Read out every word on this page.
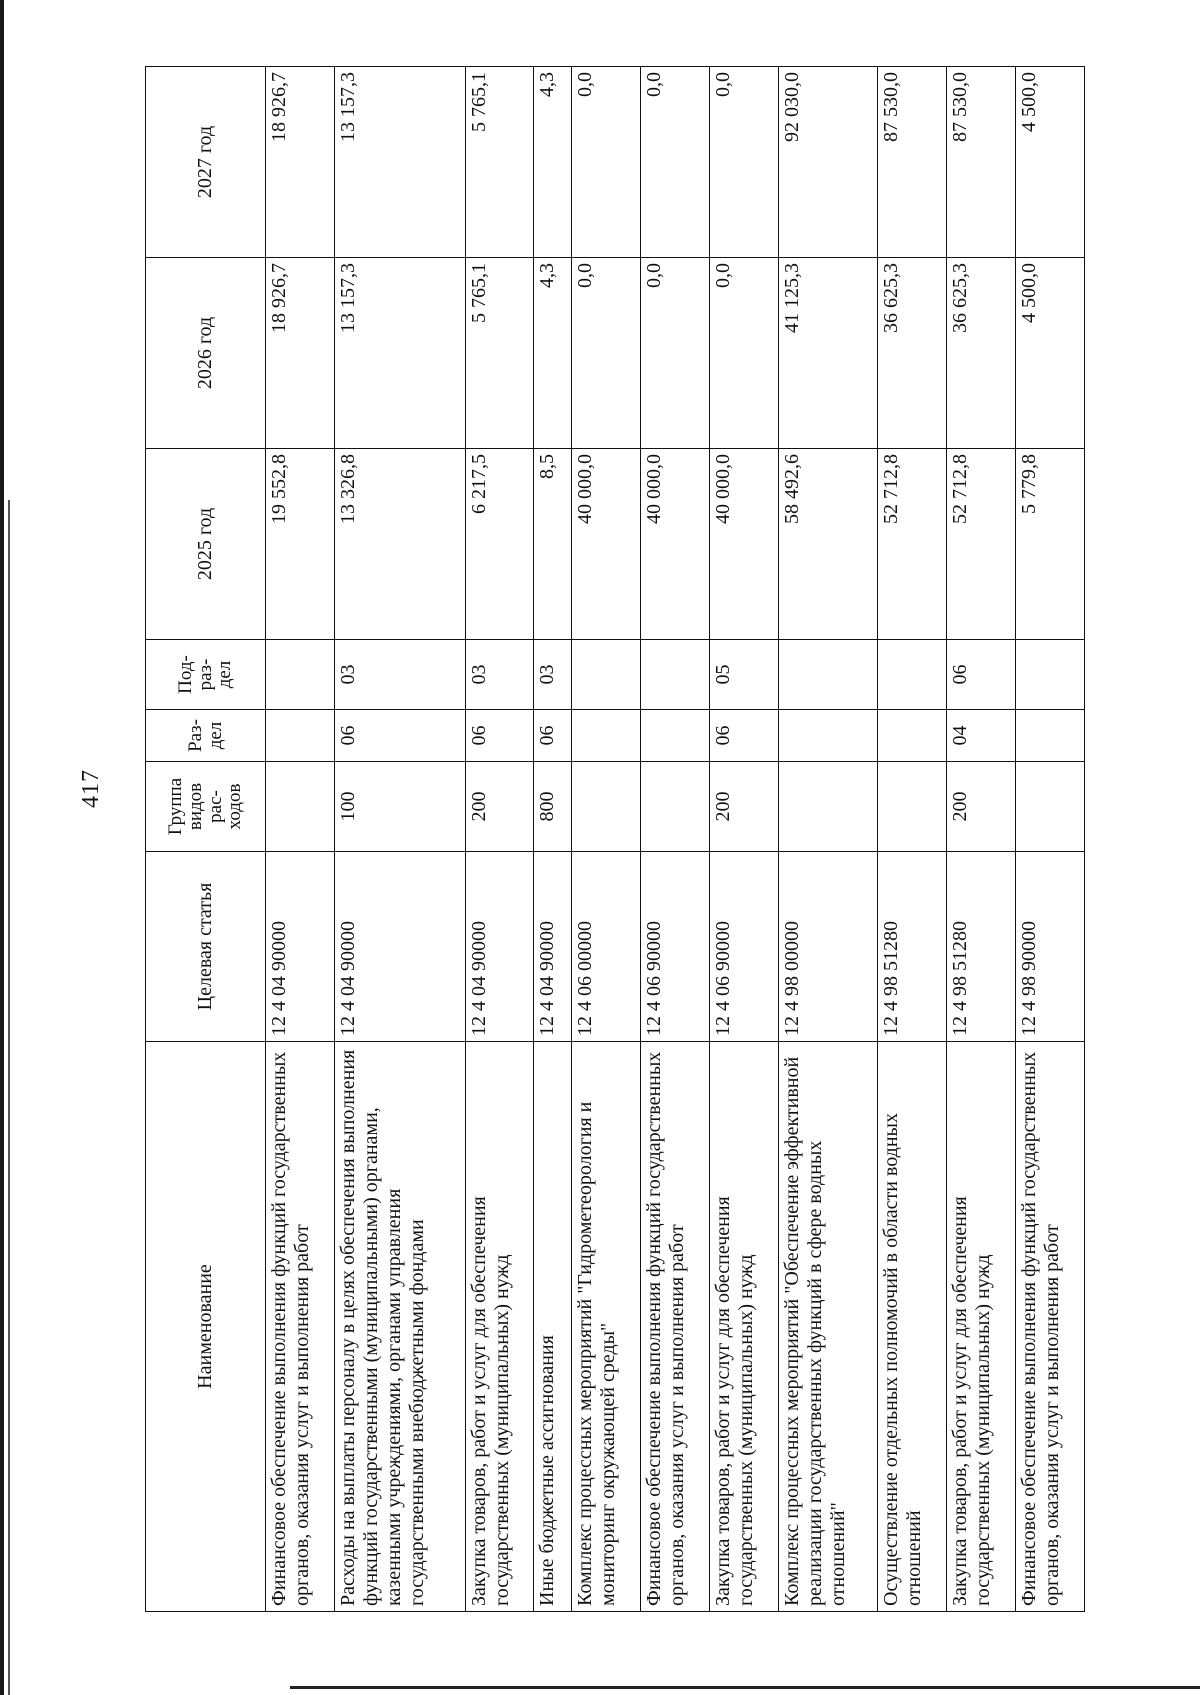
417
Наименование	Целевая статья	Группа видов рас- ходов	Раз- дел	Под- раз- дел	2025 год	2026 год	2027 год
Финансовое обеспечение выполнения функций государственных органов, оказания услуг и выполнения работ	12 4 04 90000				19 552,8	18 926,7	18 926,7
Расходы на выплаты персоналу в целях обеспечения выполнения функций государственными (муниципальными) органами, казенными учреждениями, органами управления государственными внебюджетными фондами	12 4 04 90000	100	06	03	13 326,8	13 157,3	13 157,3
Закупка товаров, работ и услуг для обеспечения государственных (муниципальных) нужд	12 4 04 90000	200	06	03	6 217,5	5 765,1	5 765,1
Иные бюджетные ассигнования	12 4 04 90000	800	06	03	8,5	4,3	4,3
Комплекс процессных мероприятий "Гидрометеорология и мониторинг окружающей среды"	12 4 06 00000				40 000,0	0,0	0,0
Финансовое обеспечение выполнения функций государственных органов, оказания услуг и выполнения работ	12 4 06 90000				40 000,0	0,0	0,0
Закупка товаров, работ и услуг для обеспечения государственных (муниципальных) нужд	12 4 06 90000	200	06	05	40 000,0	0,0	0,0
Комплекс процессных мероприятий "Обеспечение эффективной реализации государственных функций в сфере водных отношений"	12 4 98 00000				58 492,6	41 125,3	92 030,0
Осуществление отдельных полномочий в области водных отношений	12 4 98 51280				52 712,8	36 625,3	87 530,0
Закупка товаров, работ и услуг для обеспечения государственных (муниципальных) нужд	12 4 98 51280	200	04	06	52 712,8	36 625,3	87 530,0
Финансовое обеспечение выполнения функций государственных органов, оказания услуг и выполнения работ	12 4 98 90000				5 779,8	4 500,0	4 500,0
